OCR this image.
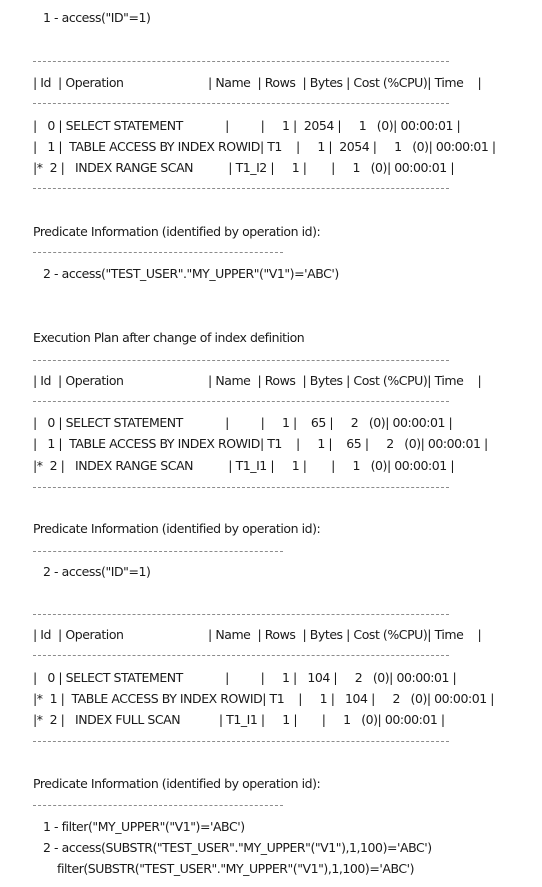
1 - access("ID"=1)
| Id  | Operation                        | Name  | Rows  | Bytes | Cost (%CPU)| Time    |
|   0 | SELECT STATEMENT            |         |     1 |  2054 |     1   (0)| 00:00:01 |
|   1 |  TABLE ACCESS BY INDEX ROWID| T1    |     1 |  2054 |     1   (0)| 00:00:01 |
|*  2 |   INDEX RANGE SCAN          | T1_I2 |     1 |       |     1   (0)| 00:00:01 |
Predicate Information (identified by operation id):
2 - access("TEST_USER"."MY_UPPER"("V1")='ABC')
Execution Plan after change of index definition
| Id  | Operation                        | Name  | Rows  | Bytes | Cost (%CPU)| Time    |
|   0 | SELECT STATEMENT            |         |     1 |    65 |     2   (0)| 00:00:01 |
|   1 |  TABLE ACCESS BY INDEX ROWID| T1    |     1 |    65 |     2   (0)| 00:00:01 |
|*  2 |   INDEX RANGE SCAN          | T1_I1 |     1 |       |     1   (0)| 00:00:01 |
Predicate Information (identified by operation id):
2 - access("ID"=1)
| Id  | Operation                        | Name  | Rows  | Bytes | Cost (%CPU)| Time    |
|   0 | SELECT STATEMENT            |         |     1 |   104 |     2   (0)| 00:00:01 |
|*  1 |  TABLE ACCESS BY INDEX ROWID| T1    |     1 |   104 |     2   (0)| 00:00:01 |
|*  2 |   INDEX FULL SCAN           | T1_I1 |     1 |       |     1   (0)| 00:00:01 |
Predicate Information (identified by operation id):
1 - filter("MY_UPPER"("V1")='ABC')
2 - access(SUBSTR("TEST_USER"."MY_UPPER"("V1"),1,100)='ABC')
filter(SUBSTR("TEST_USER"."MY_UPPER"("V1"),1,100)='ABC')
